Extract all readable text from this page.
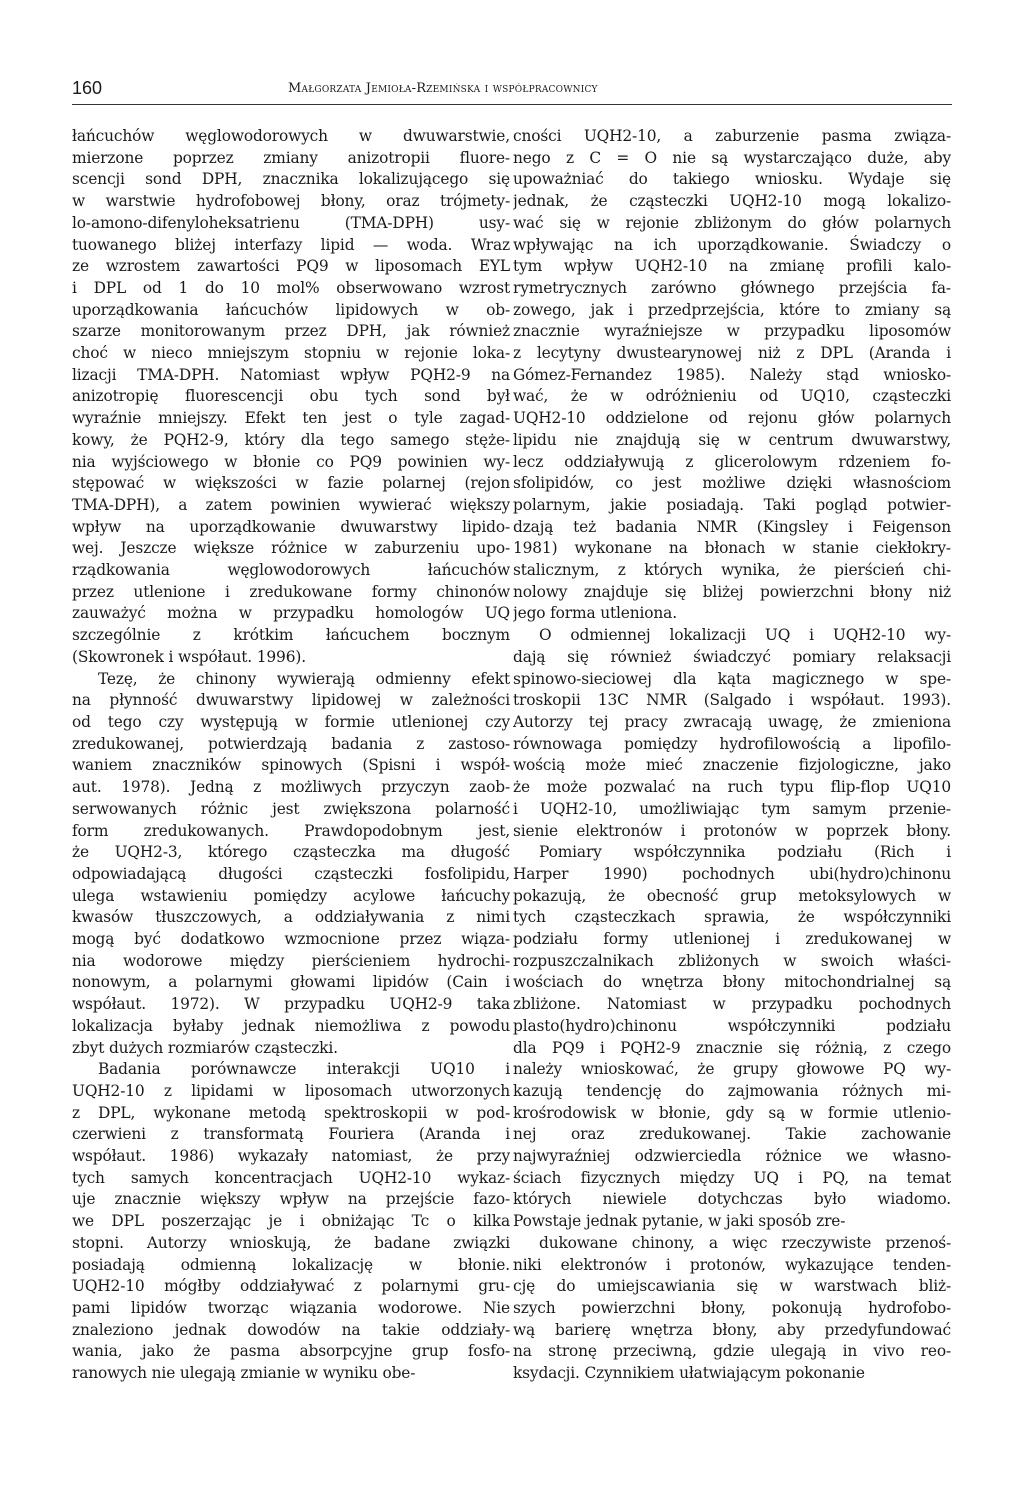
160	Małgorzata Jemioła-Rzemińska i współpracownicy
łańcuchów węglowodorowych w dwuwarstwie,
mierzone poprzez zmiany anizotropii fluore-
scencji sond DPH, znacznika lokalizującego się
w warstwie hydrofobowej błony, oraz trójmety-
lo-amono-difenyloheksatrienu (TMA-DPH) usy-
tuowanego bliżej interfazy lipid — woda. Wraz
ze wzrostem zawartości PQ9 w liposomach EYL
i DPL od 1 do 10 mol% obserwowano wzrost
uporządkowania łańcuchów lipidowych w ob-
szarze monitorowanym przez DPH, jak również
choć w nieco mniejszym stopniu w rejonie loka-
lizacji TMA-DPH. Natomiast wpływ PQH2-9 na
anizotropię fluorescencji obu tych sond był
wyraźnie mniejszy. Efekt ten jest o tyle zagad-
kowy, że PQH2-9, który dla tego samego stęże-
nia wyjściowego w błonie co PQ9 powinien wy-
stępować w większości w fazie polarnej (rejon
TMA-DPH), a zatem powinien wywierać większy
wpływ na uporządkowanie dwuwarstwy lipido-
wej. Jeszcze większe różnice w zaburzeniu upo-
rządkowania węglowodorowych łańcuchów
przez utlenione i zredukowane formy chinonów
zauważyć można w przypadku homologów UQ
szczególnie z krótkim łańcuchem bocznym
(Skowronek i współaut. 1996).
Tezę, że chinony wywierają odmienny efekt
na płynność dwuwarstwy lipidowej w zależności
od tego czy występują w formie utlenionej czy
zredukowanej, potwierdzają badania z zastoso-
waniem znaczników spinowych (Spisni i współ-
aut. 1978). Jedną z możliwych przyczyn zaob-
serwowanych różnic jest zwiększona polarność
form zredukowanych. Prawdopodobnym jest,
że UQH2-3, którego cząsteczka ma długość
odpowiadającą długości cząsteczki fosfolipidu,
ulega wstawieniu pomiędzy acylowe łańcuchy
kwasów tłuszczowych, a oddziaływania z nimi
mogą być dodatkowo wzmocnione przez wiąza-
nia wodorowe między pierścieniem hydrochi-
nonowym, a polarnymi głowami lipidów (Cain i
współaut. 1972). W przypadku UQH2-9 taka
lokalizacja byłaby jednak niemożliwa z powodu
zbyt dużych rozmiarów cząsteczki.
Badania porównawcze interakcji UQ10 i
UQH2-10 z lipidami w liposomach utworzonych
z DPL, wykonane metodą spektroskopii w pod-
czerwieni z transformatą Fouriera (Aranda i
współaut. 1986) wykazały natomiast, że przy
tych samych koncentracjach UQH2-10 wykaz-
uje znacznie większy wpływ na przejście fazo-
we DPL poszerzając je i obniżając Tc o kilka
stopni. Autorzy wnioskują, że badane związki
posiadają odmienną lokalizację w błonie.
UQH2-10 mógłby oddziaływać z polarnymi gru-
pami lipidów tworząc wiązania wodorowe. Nie
znaleziono jednak dowodów na takie oddziały-
wania, jako że pasma absorpcyjne grup fosfo-
ranowych nie ulegają zmianie w wyniku obe-
cności UQH2-10, a zaburzenie pasma związa-
nego z C = O nie są wystarczająco duże, aby
upoważniać do takiego wniosku. Wydaje się
jednak, że cząsteczki UQH2-10 mogą lokalizo-
wać się w rejonie zbliżonym do głów polarnych
wpływając na ich uporządkowanie. Świadczy o
tym wpływ UQH2-10 na zmianę profili kalo-
rymetrycznych zarówno głównego przejścia fa-
zowego, jak i przedprzejścia, które to zmiany są
znacznie wyraźniejsze w przypadku liposomów
z lecytyny dwustearynowej niż z DPL (Aranda i
Gómez-Fernandez 1985). Należy stąd wniosko-
wać, że w odróżnieniu od UQ10, cząsteczki
UQH2-10 oddzielone od rejonu głów polarnych
lipidu nie znajdują się w centrum dwuwarstwy,
lecz oddziaływują z glicerolowym rdzeniem fo-
sfolipidów, co jest możliwe dzięki własnościom
polarnym, jakie posiadają. Taki pogląd potwier-
dzają też badania NMR (Kingsley i Feigenson
1981) wykonane na błonach w stanie ciekłokry-
stalicznym, z których wynika, że pierścień chi-
nolowy znajduje się bliżej powierzchni błony niż
jego forma utleniona.
O odmiennej lokalizacji UQ i UQH2-10 wy-
dają się również świadczyć pomiary relaksacji
spinowo-sieciowej dla kąta magicznego w spe-
troskopii 13C NMR (Salgado i współaut. 1993).
Autorzy tej pracy zwracają uwagę, że zmieniona
równowaga pomiędzy hydrofilowością a lipofilo-
wością może mieć znaczenie fizjologiczne, jako
że może pozwalać na ruch typu flip-flop UQ10
i UQH2-10, umożliwiając tym samym przenie-
sienie elektronów i protonów w poprzek błony.
Pomiary współczynnika podziału (Rich i
Harper 1990) pochodnych ubi(hydro)chinonu
pokazują, że obecność grup metoksylowych w
tych cząsteczkach sprawia, że współczynniki
podziału formy utlenionej i zredukowanej w
rozpuszczalnikach zbliżonych w swoich właści-
wościach do wnętrza błony mitochondrialnej są
zbliżone. Natomiast w przypadku pochodnych
plasto(hydro)chinonu współczynniki podziału
dla PQ9 i PQH2-9 znacznie się różnią, z czego
należy wnioskować, że grupy głowowe PQ wy-
kazują tendencję do zajmowania różnych mi-
krośrodowisk w błonie, gdy są w formie utlenio-
nej oraz zredukowanej. Takie zachowanie
najwyraźniej odzwierciedla różnice we własno-
ściach fizycznych między UQ i PQ, na temat
których niewiele dotychczas było wiadomo.
Powstaje jednak pytanie, w jaki sposób zre-
dukowane chinony, a więc rzeczywiste przenoś-
niki elektronów i protonów, wykazujące tenden-
cję do umiejscawiania się w warstwach bliż-
szych powierzchni błony, pokonują hydrofobo-
wą barierę wnętrza błony, aby przedyfundować
na stronę przeciwną, gdzie ulegają in vivo reo-
ksydacji. Czynnikiem ułatwiającym pokonanie
